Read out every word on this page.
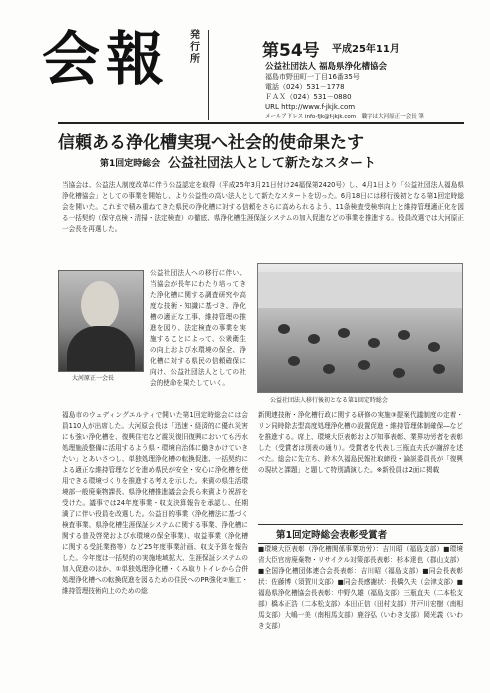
会報 発行所	第54号 平成25年11月
公益社団法人 福島県浄化槽協会
福島市野田町一丁目16番35号
電話（024）531－1778
ＦＡＸ（024）531－0880
URL http://www.f-jkjk.com
メールアドレス info-fjk@f-jkjk.com　職字は大河原正一会長 筆
信頼ある浄化槽実現へ社会的使命果たす
第1回定時総会 公益社団法人として新たなスタート
当協会は、公益法人制度改革に伴う公益認定を取得（平成25年3月21日付け24福保第2420号）し、4月1日より「公益社団法人福島県浄化槽協会」としての事業を開始し、より公益性の高い法人として新たなスタートを切った。6月18日には移行後初となる第1回定時総会を開いた。これまで積み重ねてきた県民の浄化槽に対する信頼をさらに高められるよう、11条検査受検率向上と維持管理適正化を図る一括契約（保守点検・清掃・法定検査）の徹底、県浄化槽生涯保証システムの加入促進などの事業を推進する。役員改選では大河原正一会長を再選した。
大河原正一会長
公益社団法人への移行に伴い、当協会が長年にわたり培ってきた浄化槽に関する調査研究や高度な技術・知識に基づき、浄化槽の適正な工事、維持管理の推進を図り、法定検査の事業を実施することによって、公衆衛生の向上および水環境の保全、浄化槽に対する県民の信頼確保に向け、公益社団法人としての社会的使命を果たしていく。
公益社団法人移行後初となる第1回定時総会
福島市のウェディングエルティで開いた第1回定時総会には会員110人が出席した。大河原会長は「迅速・経済的に優れ災害にも強い浄化槽を、復興住宅など震災復旧復興においても汚水処理施設整備に活用するよう県・環境自治体に働きかけていきたい」とあいさつし、単独処理浄化槽の転換促進、一括契約による適正な維持管理などを進め県民が安全・安心に浄化槽を使用できる環境づくりを推進する考えを示した。来賓の県生活環境部一般廃棄物課長、県浄化槽推進議会会長ら来賓より祝辞を受けた。議事では24年度事業・収支決算報告を承認し、任期満了に伴い役員を改選した。公益目的事業（浄化槽法に基づく検査事業、県浄化槽生涯保証システムに関する事業、浄化槽に関する普及啓発および水環境の保全事業）、収益事業（浄化槽に関する受託業務等）など25年度事業計画、収支予算を報告した。今年度は一括契約の実施地域拡大、生涯保証システムの加入促進のほか、①単独処理浄化槽・くみ取りトイレから合併処理浄化槽への転換促進を図るための住民へのPR強化②施工・維持管理技術向上のための総
新関連技術・浄化槽行政に関する研修の実施③提案代議制度の定着・リン同時除去型高度処理浄化槽の設置促進・維持管理体制確保―などを推進する。席上、環境大臣表彰および知事表彰、業界功労者を表彰した（受賞者は別表の通り）。受賞者を代表し三瓶直夫氏が謝辞を述べた。総会に先立ち、鈴木久福島民報社取締役・論説委員長が「復興の現状と課題」と題して特別講演した。※新役員は2面に掲載
第1回定時総会表彰受賞者
■環境大臣表彰（浄化槽関係事業功労）：吉川昭（福島支部）■環境省大臣官房廃棄物・リサイクル対策部長表彰：杉本達也（郡山支部）■全国浄化槽団体連合会長表彰：吉川昭（福島支部）■同会長表彰状：佐藤博（須賀川支部）■同会長感謝状：長橋久夫（会津支部）■福島県浄化槽協会長表彰：中野久雄（福島支部）三瓶直夫（二本松支部）橋本正浩（二本松支部）本田正信（田村支部）井戸川宏樹（南相馬支部）大嶋一美（南相馬支部）鹿谷弘（いわき支部）岡光義（いわき支部）
